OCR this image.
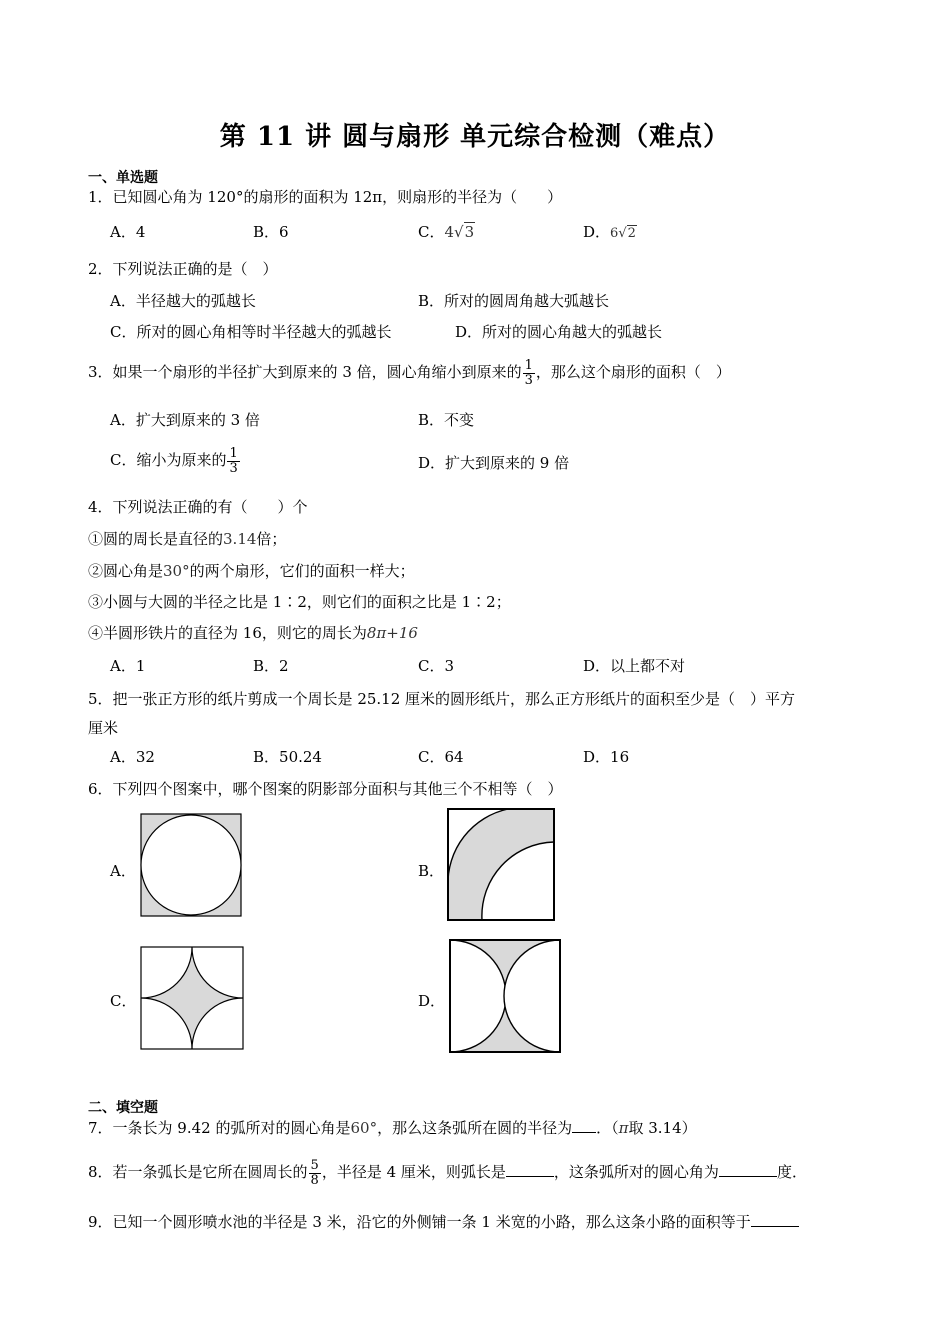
第 11 讲 圆与扇形 单元综合检测（难点）
一、单选题
1．已知圆心角为 120°的扇形的面积为 12π，则扇形的半径为（　　）
A．4	B．6	C．4√3	D．6√2
2．下列说法正确的是（　）
A．半径越大的弧越长	B．所对的圆周角越大弧越长
C．所对的圆心角相等时半径越大的弧越长	D．所对的圆心角越大的弧越长
3．如果一个扇形的半径扩大到原来的 3 倍，圆心角缩小到原来的 $\frac{1}{3}$ ，那么这个扇形的面积（　）
A．扩大到原来的 3 倍	B．不变
C．缩小为原来的 $\frac{1}{3}$	D．扩大到原来的 9 倍
4．下列说法正确的有（　　）个
①圆的周长是直径的3.14倍；
②圆心角是30°的两个扇形，它们的面积一样大；
③小圆与大圆的半径之比是 1∶2，则它们的面积之比是 1∶2；
④半圆形铁片的直径为 16，则它的周长为8π+16
A．1	B．2	C．3	D．以上都不对
5．把一张正方形的纸片剪成一个周长是 25.12 厘米的圆形纸片，那么正方形纸片的面积至少是（　）平方
厘米
A．32	B．50.24	C．64	D．16
6．下列四个图案中，哪个图案的阴影部分面积与其他三个不相等（　）
A．	B．
C．	D．
二、填空题
7．一条长为 9.42 的弧所对的圆心角是60°，那么这条弧所在圆的半径为 ．（π取 3.14）
8．若一条弧长是它所在圆周长的 $\frac{5}{8}$ ，半径是 4 厘米，则弧长是	，这条弧所对的圆心角为	度．
9．已知一个圆形喷水池的半径是 3 米，沿它的外侧铺一条 1 米宽的小路，那么这条小路的面积等于
